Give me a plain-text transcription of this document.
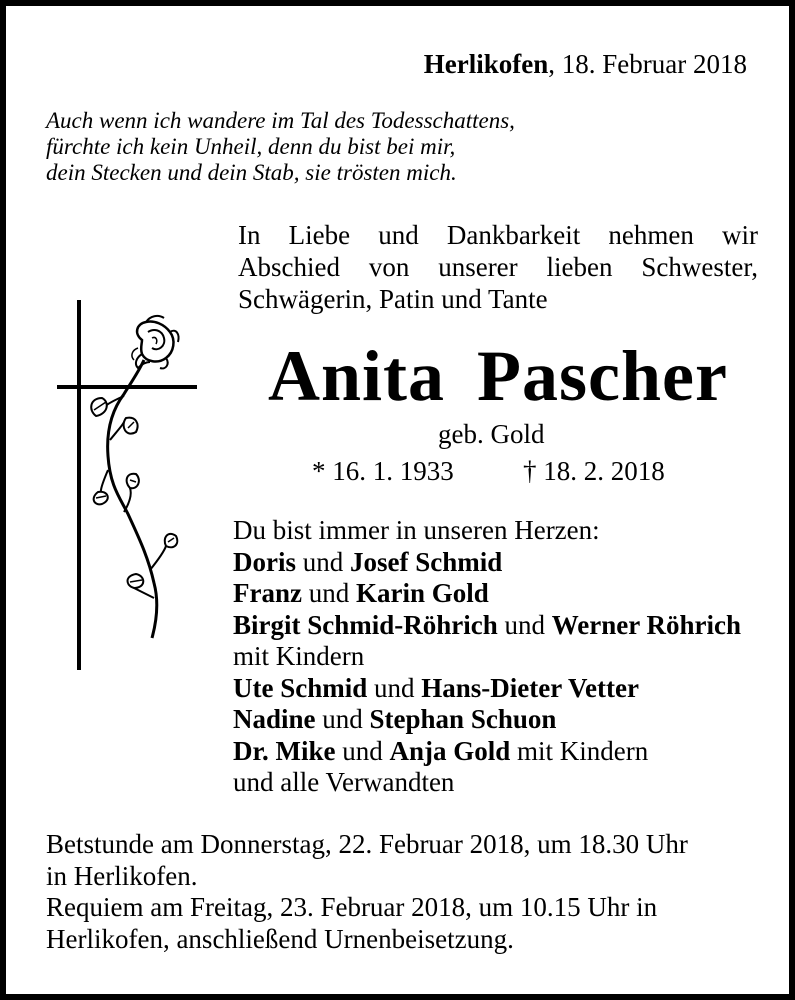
Herlikofen, 18. Februar 2018
Auch wenn ich wandere im Tal des Todesschattens,
fürchte ich kein Unheil, denn du bist bei mir,
dein Stecken und dein Stab, sie trösten mich.
In Liebe und Dankbarkeit nehmen wir
Abschied von unserer lieben Schwester,
Schwägerin, Patin und Tante
Anita Pascher
geb. Gold
* 16. 1. 1933	† 18. 2. 2018
Du bist immer in unseren Herzen:
Doris und Josef Schmid
Franz und Karin Gold
Birgit Schmid-Röhrich und Werner Röhrich
mit Kindern
Ute Schmid und Hans-Dieter Vetter
Nadine und Stephan Schuon
Dr. Mike und Anja Gold mit Kindern
und alle Verwandten
Betstunde am Donnerstag, 22. Februar 2018, um 18.30 Uhr
in Herlikofen.
Requiem am Freitag, 23. Februar 2018, um 10.15 Uhr in
Herlikofen, anschließend Urnenbeisetzung.
